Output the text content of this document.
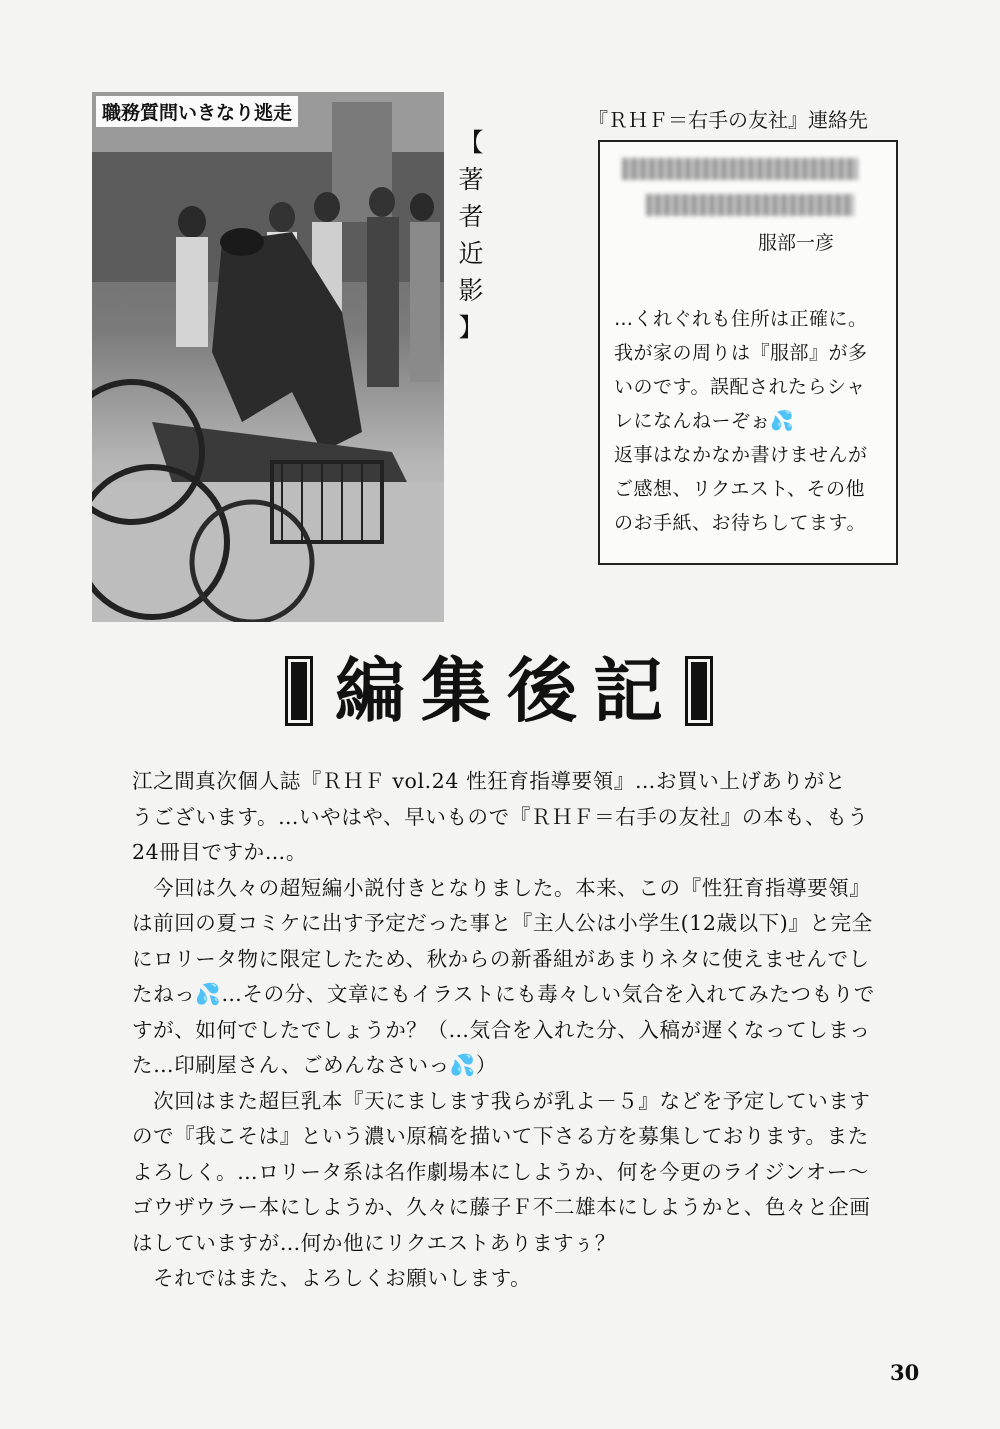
職務質問いきなり逃走
【
著
者
近
影
】
『ＲＨＦ＝右手の友社』連絡先
服部一彦
…くれぐれも住所は正確に。
我が家の周りは『服部』が多
いのです。誤配されたらシャ
レになんねーぞぉ💦
返事はなかなか書けませんが
ご感想、リクエスト、その他
のお手紙、お待ちしてます。
編集後記
江之間真次個人誌『ＲＨＦ vol.24 性狂育指導要領』…お買い上げありがと
うございます。…いやはや、早いもので『ＲＨＦ＝右手の友社』の本も、もう
24冊目ですか…。
　今回は久々の超短編小説付きとなりました。本来、この『性狂育指導要領』
は前回の夏コミケに出す予定だった事と『主人公は小学生(12歳以下)』と完全
にロリータ物に限定したため、秋からの新番組があまりネタに使えませんでし
たねっ💦…その分、文章にもイラストにも毒々しい気合を入れてみたつもりで
すが、如何でしたでしょうか？（…気合を入れた分、入稿が遅くなってしまっ
た…印刷屋さん、ごめんなさいっ💦）
　次回はまた超巨乳本『天にまします我らが乳よ－５』などを予定しています
ので『我こそは』という濃い原稿を描いて下さる方を募集しております。また
よろしく。…ロリータ系は名作劇場本にしようか、何を今更のライジンオー～
ゴウザウラー本にしようか、久々に藤子Ｆ不二雄本にしようかと、色々と企画
はしていますが…何か他にリクエストありますぅ？
　それではまた、よろしくお願いします。
30
